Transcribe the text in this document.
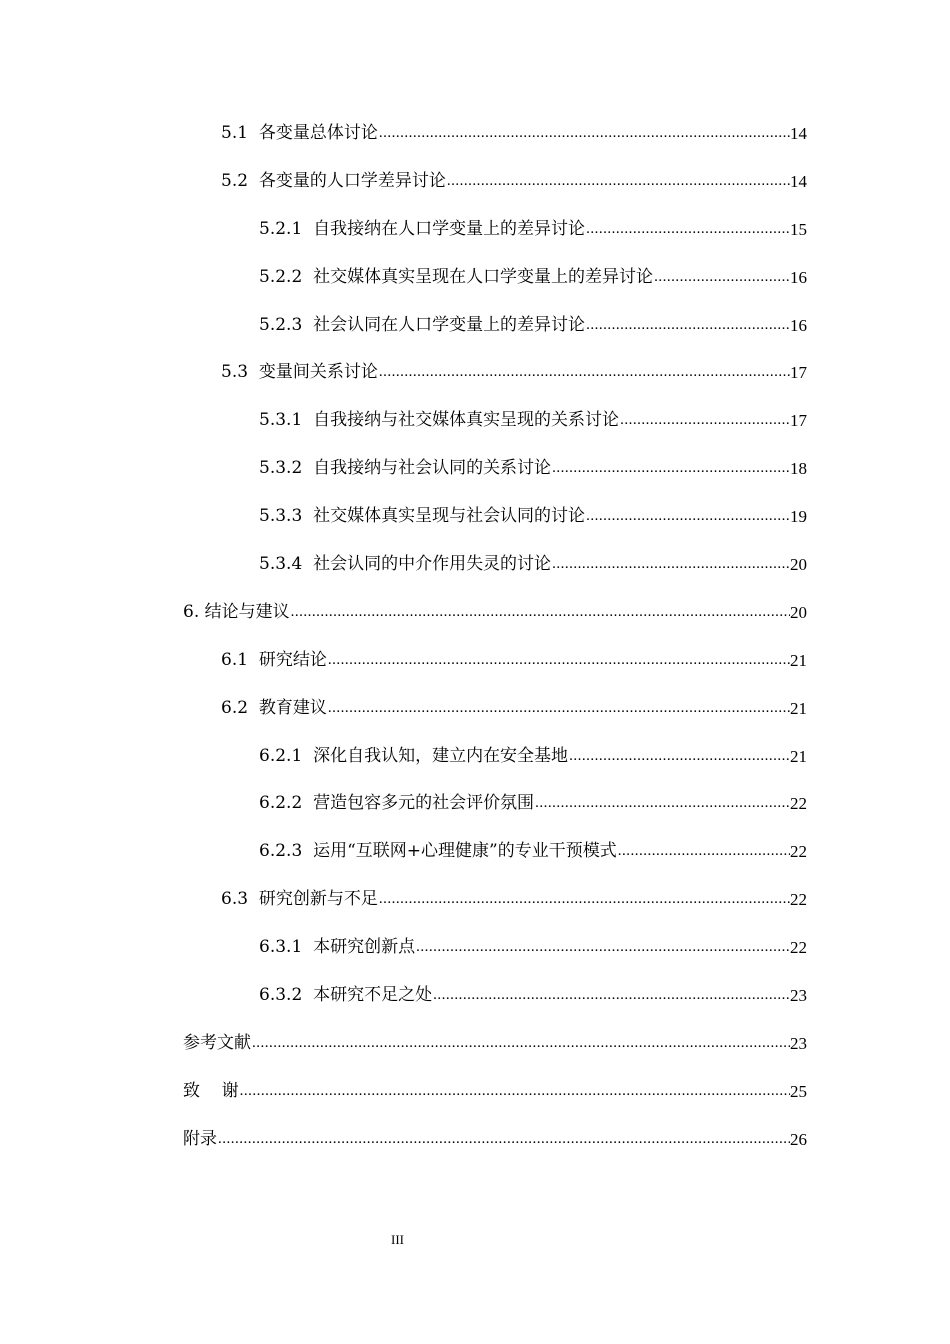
5.1  各变量总体讨论 .....	14
5.2  各变量的人口学差异讨论 .....	14
5.2.1  自我接纳在人口学变量上的差异讨论 .....	15
5.2.2  社交媒体真实呈现在人口学变量上的差异讨论 .....	16
5.2.3  社会认同在人口学变量上的差异讨论 .....	16
5.3  变量间关系讨论 .....	17
5.3.1  自我接纳与社交媒体真实呈现的关系讨论 .....	17
5.3.2  自我接纳与社会认同的关系讨论 .....	18
5.3.3  社交媒体真实呈现与社会认同的讨论 .....	19
5.3.4  社会认同的中介作用失灵的讨论 .....	20
6. 结论与建议 .....	20
6.1  研究结论 .....	21
6.2  教育建议 .....	21
6.2.1  深化自我认知，建立内在安全基地 .....	21
6.2.2  营造包容多元的社会评价氛围 .....	22
6.2.3  运用“互联网+心理健康”的专业干预模式 .....	22
6.3  研究创新与不足 .....	22
6.3.1  本研究创新点 .....	22
6.3.2  本研究不足之处 .....	23
参考文献 .....	23
致    谢 .....	25
附录 .....	26
III
